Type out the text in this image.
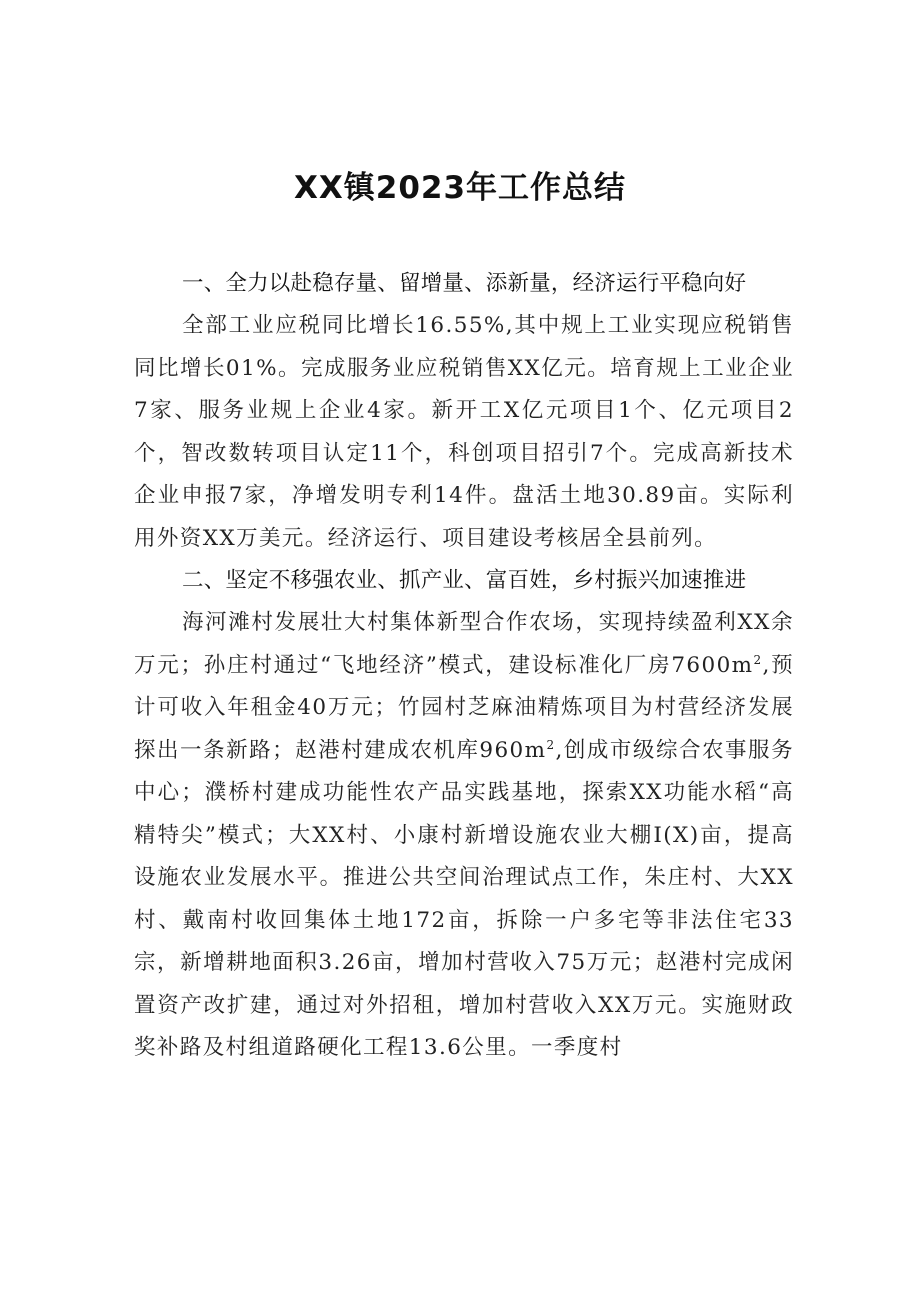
XX镇2023年工作总结

一、全力以赴稳存量、留增量、添新量，经济运行平稳向好

全部工业应税同比增长16.55%,其中规上工业实现应税销售同比增长01%。完成服务业应税销售XX亿元。培育规上工业企业7家、服务业规上企业4家。新开工X亿元项目1个、亿元项目2个，智改数转项目认定11个，科创项目招引7个。完成高新技术企业申报7家，净增发明专利14件。盘活土地30.89亩。实际利用外资XX万美元。经济运行、项目建设考核居全县前列。

二、坚定不移强农业、抓产业、富百姓，乡村振兴加速推进

海河滩村发展壮大村集体新型合作农场，实现持续盈利XX余万元；孙庄村通过“飞地经济”模式，建设标准化厂房$7600m^2$,预计可收入年租金40万元；竹园村芝麻油精炼项目为村营经济发展探出一条新路；赵港村建成农机库$960m^2$,创成市级综合农事服务中心；濮桥村建成功能性农产品实践基地，探索XX功能水稻“高精特尖”模式；大XX村、小康村新增设施农业大棚I(X)亩，提高设施农业发展水平。推进公共空间治理试点工作，朱庄村、大XX村、戴南村收回集体土地172亩，拆除一户多宅等非法住宅33宗，新增耕地面积3.26亩，增加村营收入75万元；赵港村完成闲置资产改扩建，通过对外招租，增加村营收入XX万元。实施财政奖补路及村组道路硬化工程13.6公里。一季度村
